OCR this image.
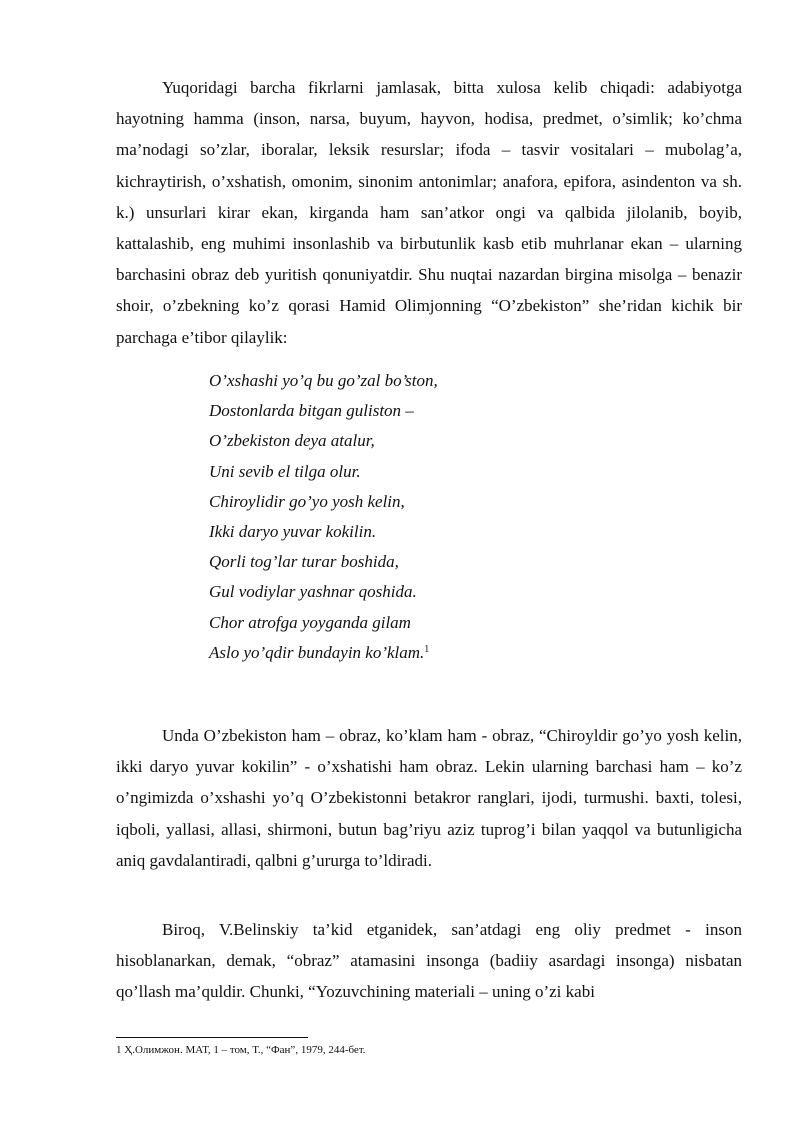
Yuqoridagi barcha fikrlarni jamlasak, bitta xulosa kelib chiqadi: adabiyotga hayotning hamma (inson, narsa, buyum, hayvon, hodisa, predmet, o’simlik; ko’chma ma’nodagi so’zlar, iboralar, leksik resurslar; ifoda – tasvir vositalari – mubolag’a, kichraytirish, o’xshatish, omonim, sinonim antonimlar; anafora, epifora, asindenton va sh. k.) unsurlari kirar ekan, kirganda ham san’atkor ongi va qalbida jilolanib, boyib, kattalashib, eng muhimi insonlashib va birbutunlik kasb etib muhrlanar ekan – ularning barchasini obraz deb yuritish qonuniyatdir. Shu nuqtai nazardan birgina misolga – benazir shoir, o’zbekning ko’z qorasi Hamid Olimjonning “O’zbekiston” she’ridan kichik bir parchaga e’tibor qilaylik:

O’xshashi yo’q bu go’zal bo’ston,
Dostonlarda bitgan guliston –
O’zbekiston deya atalur,
Uni sevib el tilga olur.
Chiroylidir go’yo yosh kelin,
Ikki daryo yuvar kokilin.
Qorli tog’lar turar boshida,
Gul vodiylar yashnar qoshida.
Chor atrofga yoyganda gilam
Aslo yo’qdir bundayin ko’klam.$^1$

Unda O’zbekiston ham – obraz, ko’klam ham - obraz, “Chiroyldir go’yo yosh kelin, ikki daryo yuvar kokilin” - o’xshatishi ham obraz. Lekin ularning barchasi ham – ko’z o’ngimizda o’xshashi yo’q O’zbekistonni betakror ranglari, ijodi, turmushi. baxti, tolesi, iqboli, yallasi, allasi, shirmoni, butun bag’riyu aziz tuprog’i bilan yaqqol va butunligicha aniq gavdalantiradi, qalbni g’ururga to’ldiradi.

Biroq, V.Belinskiy ta’kid etganidek, san’atdagi eng oliy predmet - inson hisoblanarkan, demak, “obraz” atamasini insonga (badiiy asardagi insonga) nisbatan qo’llash ma’quldir. Chunki, “Yozuvchining materiali – uning o’zi kabi

1 Ҳ.Олимжон. МАТ, 1 – том, Т., “Фан”, 1979, 244-бет.
